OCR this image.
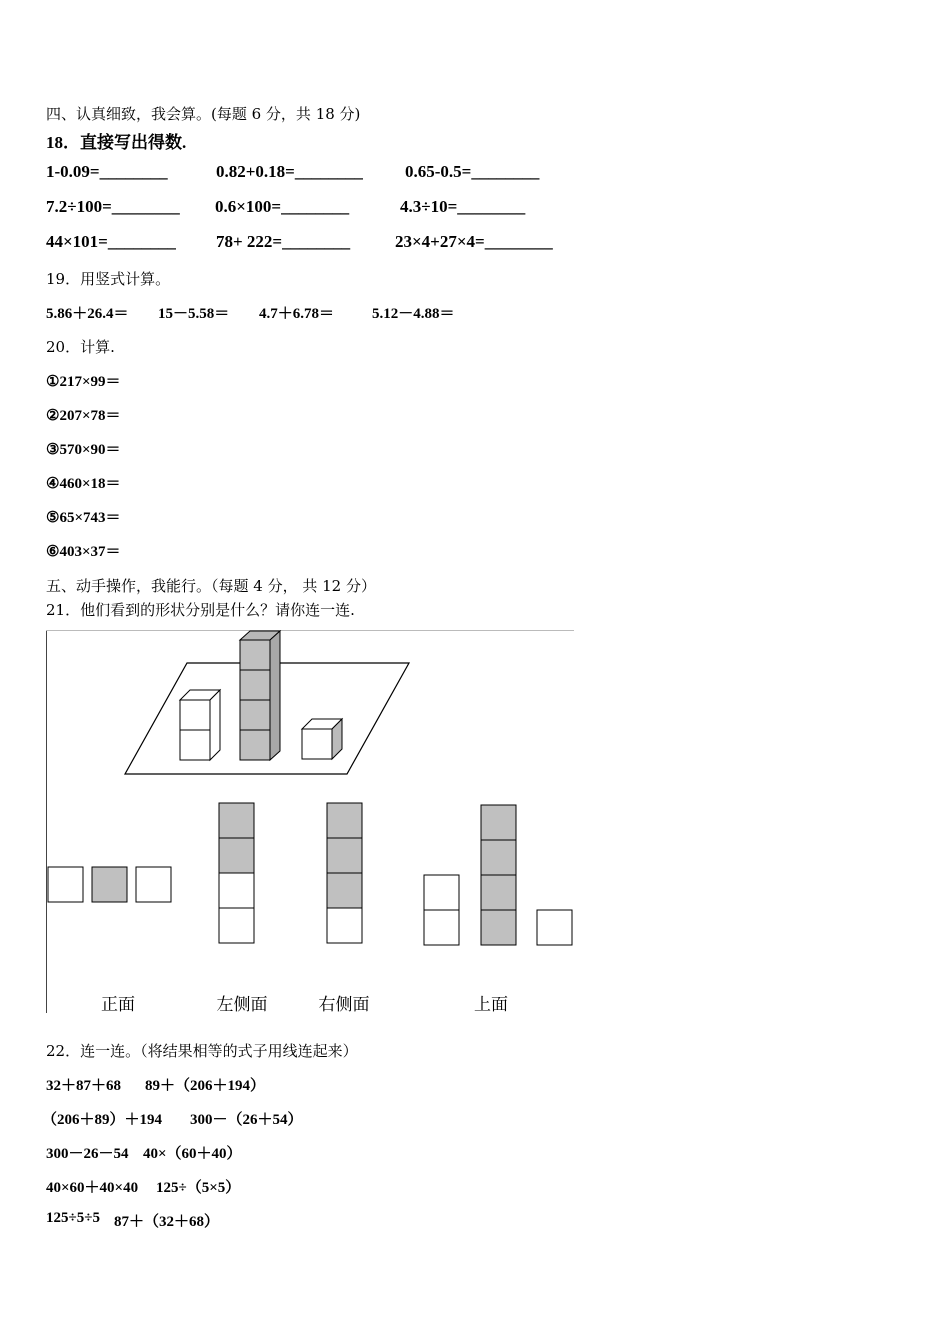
四、认真细致，我会算。(每题 6 分，共 18 分)
18．直接写出得数.
1-0.09=________	0.82+0.18=________ 0.65-0.5=________
7.2÷100=________ 0.6×100=________	4.3÷10=________
44×101=________ 78+ 222=________	23×4+27×4=________
19．用竖式计算。
5.86＋26.4＝ 15－5.58＝ 4.7＋6.78＝	5.12－4.88＝
20．计算.
①217×99＝
②207×78＝
③570×90＝
④460×18＝
⑤65×743＝
⑥403×37＝
五、动手操作，我能行。（每题 4 分， 共 12 分）
21．他们看到的形状分别是什么？请你连一连.
正面	左侧面	右侧面	上面
22．连一连。（将结果相等的式子用线连起来）
32＋87＋68 89＋（206＋194）
（206＋89）＋194 300－（26＋54）
300－26－54 40×（60＋40）
40×60＋40×40 125÷（5×5）
125÷5÷5 87＋（32＋68）
